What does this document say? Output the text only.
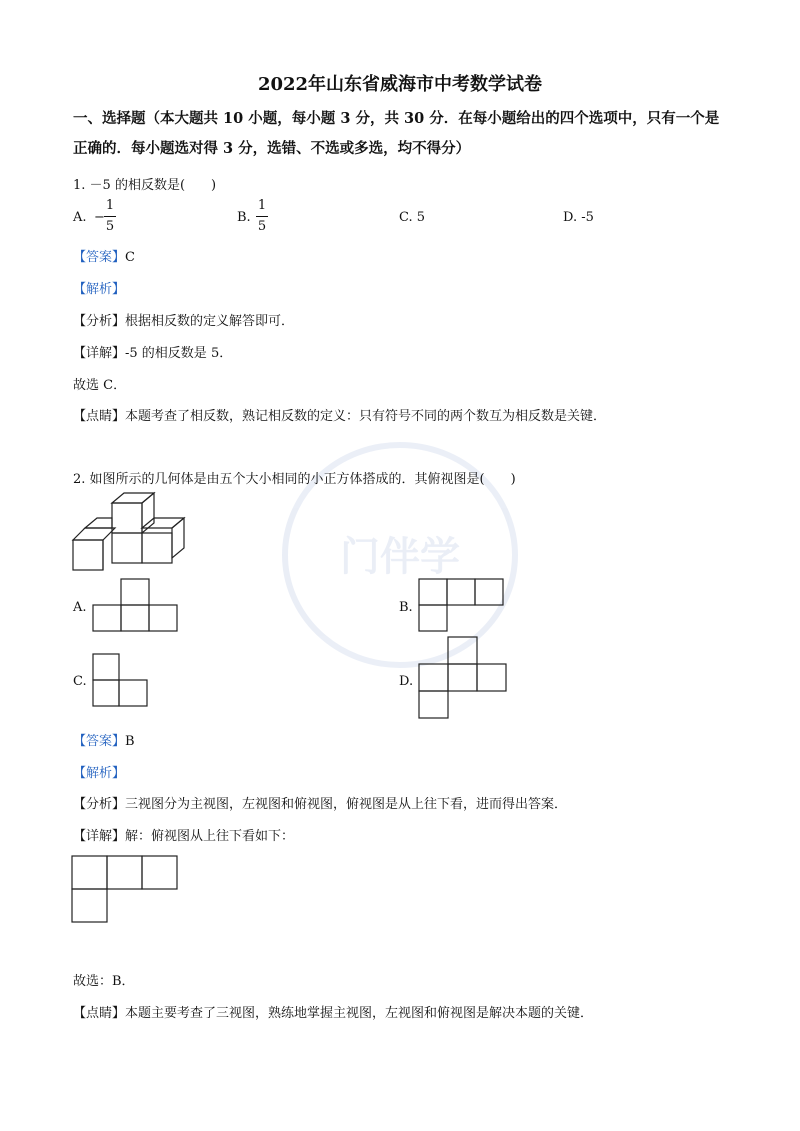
门伴学
2022年山东省威海市中考数学试卷
一、选择题（本大题共 10 小题，每小题 3 分，共 30 分．在每小题给出的四个选项中，只有一个是正确的．每小题选对得 3 分，选错、不选或多选，均不得分）
1. －5 的相反数是(　　)
A. −
1
5
B.
1
5
C. 5	D. -5
【答案】C
【解析】
【分析】根据相反数的定义解答即可．
【详解】-5 的相反数是 5．
故选 C．
【点睛】本题考查了相反数，熟记相反数的定义：只有符号不同的两个数互为相反数是关键．
2. 如图所示的几何体是由五个大小相同的小正方体搭成的．其俯视图是(　　)
A.	B.
C.	D.
【答案】B
【解析】
【分析】三视图分为主视图，左视图和俯视图，俯视图是从上往下看，进而得出答案．
【详解】解：俯视图从上往下看如下：
故选：B．
【点睛】本题主要考查了三视图，熟练地掌握主视图，左视图和俯视图是解决本题的关键．
